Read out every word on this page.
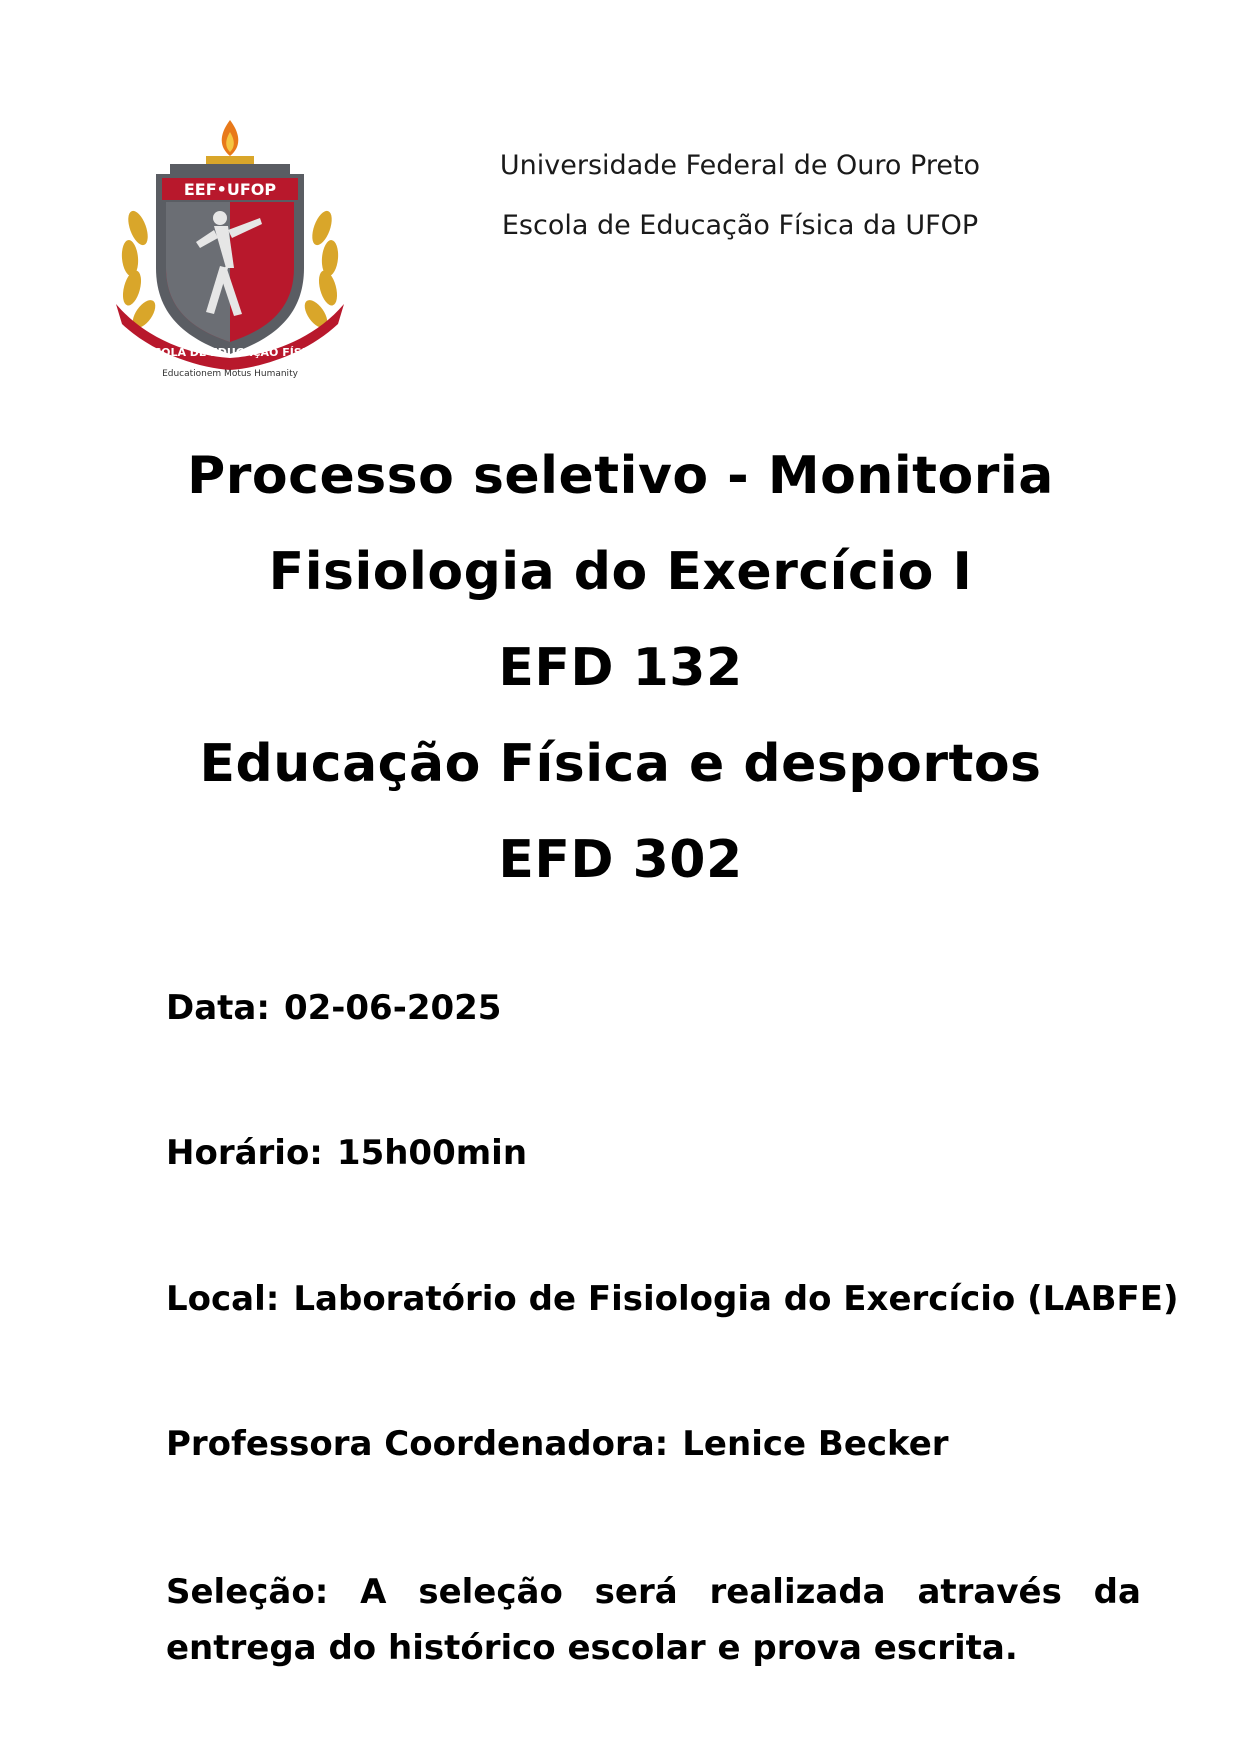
EEF•UFOP
ESCOLA DE EDUCAÇÃO FÍSICA
Educationem Motus Humanity
Universidade Federal de Ouro Preto
Escola de Educação Física da UFOP
Processo seletivo - Monitoria
Fisiologia do Exercício I
EFD 132
Educação Física e desportos
EFD 302
Data: 02-06-2025
Horário: 15h00min
Local: Laboratório de Fisiologia do Exercício (LABFE)
Professora Coordenadora: Lenice Becker
Seleção: A seleção será realizada através da
entrega do histórico escolar e prova escrita.
